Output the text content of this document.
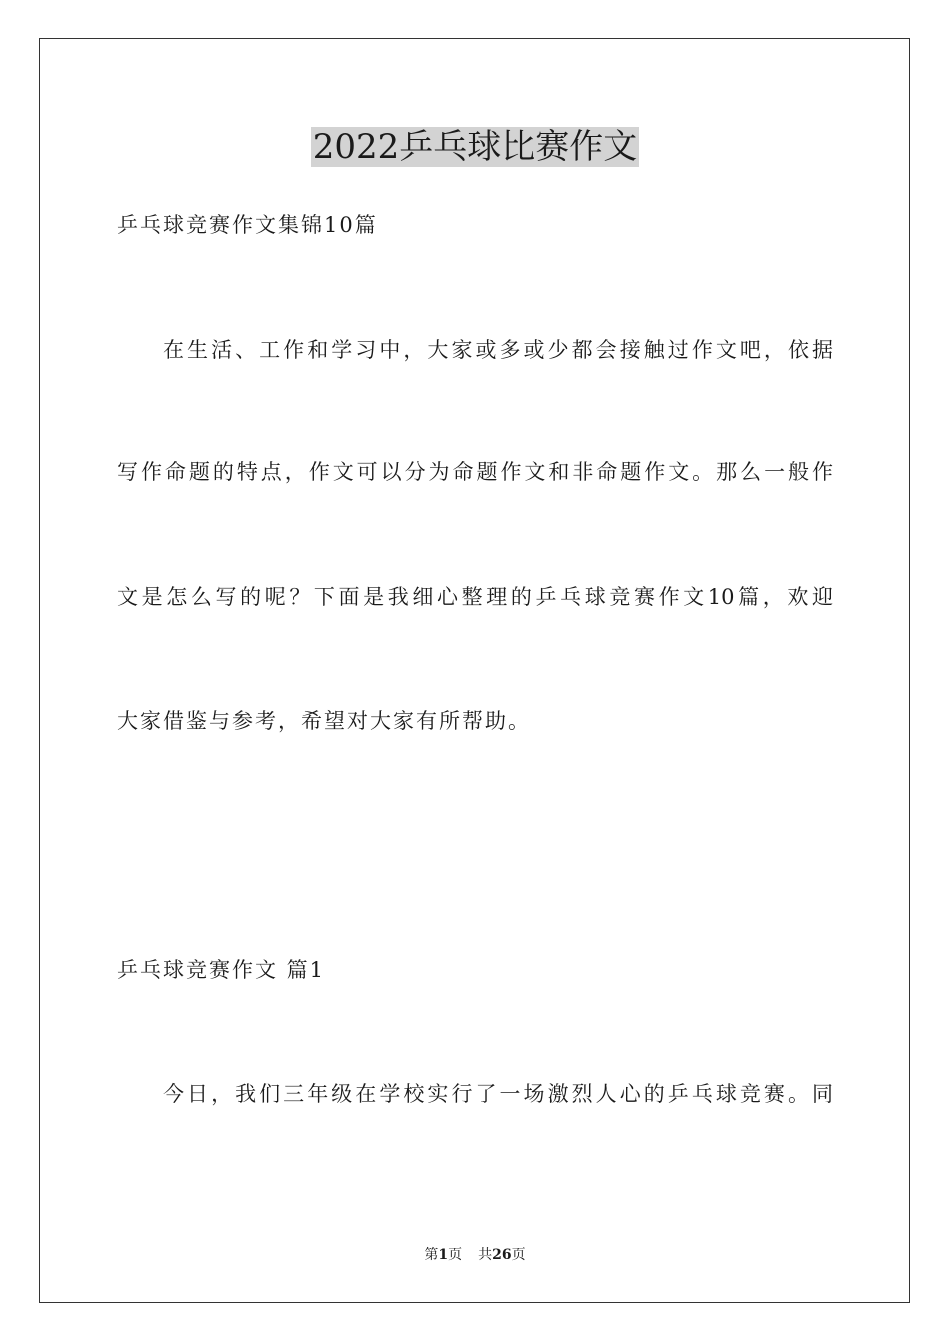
2022乒乓球比赛作文
乒乓球竞赛作文集锦10篇
在生活、工作和学习中，大家或多或少都会接触过作文吧，依据
写作命题的特点，作文可以分为命题作文和非命题作文。那么一般作
文是怎么写的呢？下面是我细心整理的乒乓球竞赛作文10篇，欢迎
大家借鉴与参考，希望对大家有所帮助。
乒乓球竞赛作文 篇1
今日，我们三年级在学校实行了一场激烈人心的乒乓球竞赛。同
第1页 共26页
